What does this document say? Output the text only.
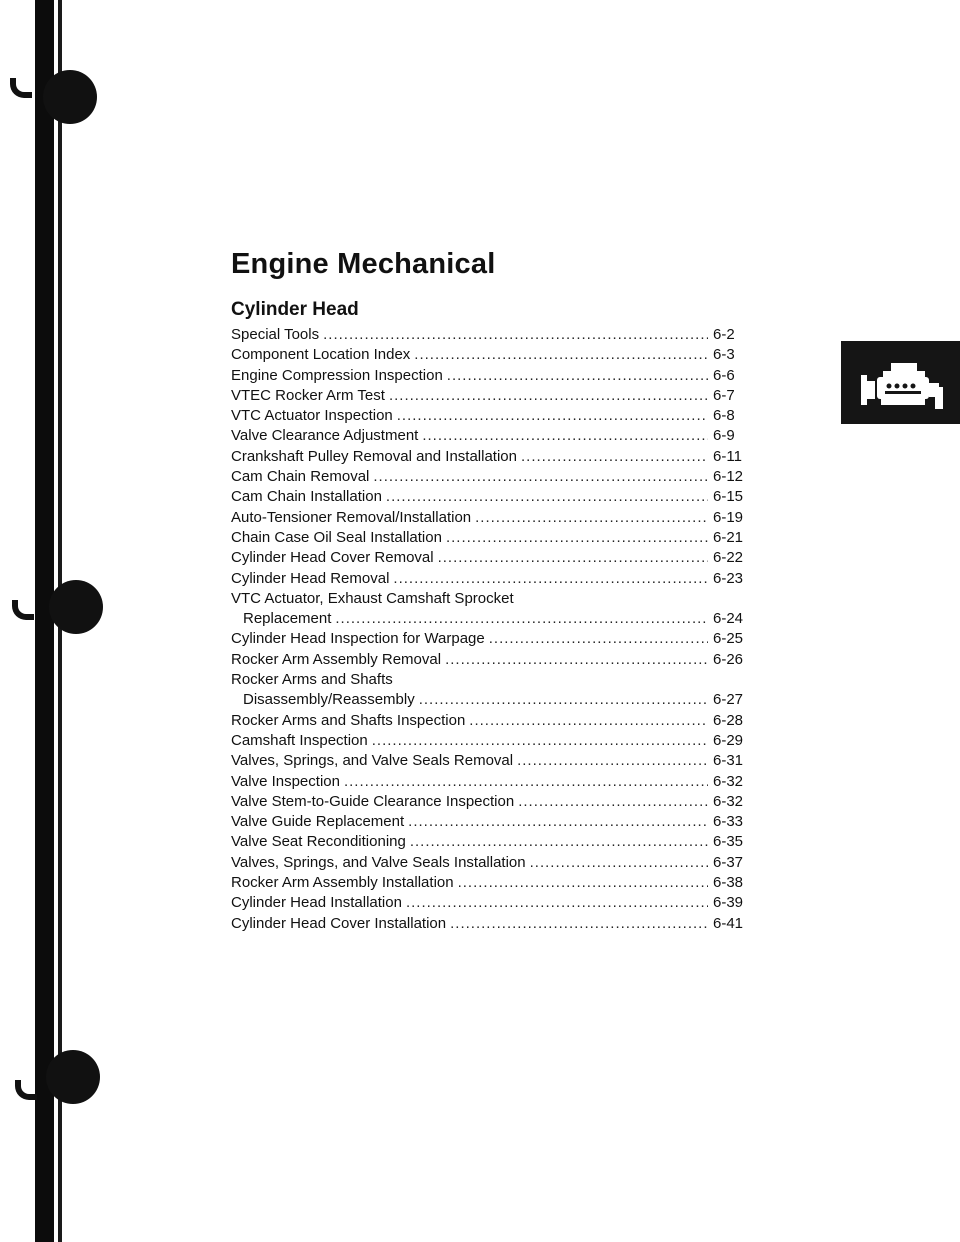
Engine Mechanical
Cylinder Head
Special Tools .....	6-2
Component Location Index .....	6-3
Engine Compression Inspection .....	6-6
VTEC Rocker Arm Test .....	6-7
VTC Actuator Inspection .....	6-8
Valve Clearance Adjustment .....	6-9
Crankshaft Pulley Removal and Installation .....	6-11
Cam Chain Removal .....	6-12
Cam Chain Installation .....	6-15
Auto-Tensioner Removal/Installation .....	6-19
Chain Case Oil Seal Installation .....	6-21
Cylinder Head Cover Removal .....	6-22
Cylinder Head Removal .....	6-23
VTC Actuator, Exhaust Camshaft Sprocket
Replacement .....	6-24
Cylinder Head Inspection for Warpage .....	6-25
Rocker Arm Assembly Removal .....	6-26
Rocker Arms and Shafts
Disassembly/Reassembly .....	6-27
Rocker Arms and Shafts Inspection .....	6-28
Camshaft Inspection .....	6-29
Valves, Springs, and Valve Seals Removal .....	6-31
Valve Inspection .....	6-32
Valve Stem-to-Guide Clearance Inspection .....	6-32
Valve Guide Replacement .....	6-33
Valve Seat Reconditioning .....	6-35
Valves, Springs, and Valve Seals Installation .....	6-37
Rocker Arm Assembly Installation .....	6-38
Cylinder Head Installation .....	6-39
Cylinder Head Cover Installation .....	6-41
